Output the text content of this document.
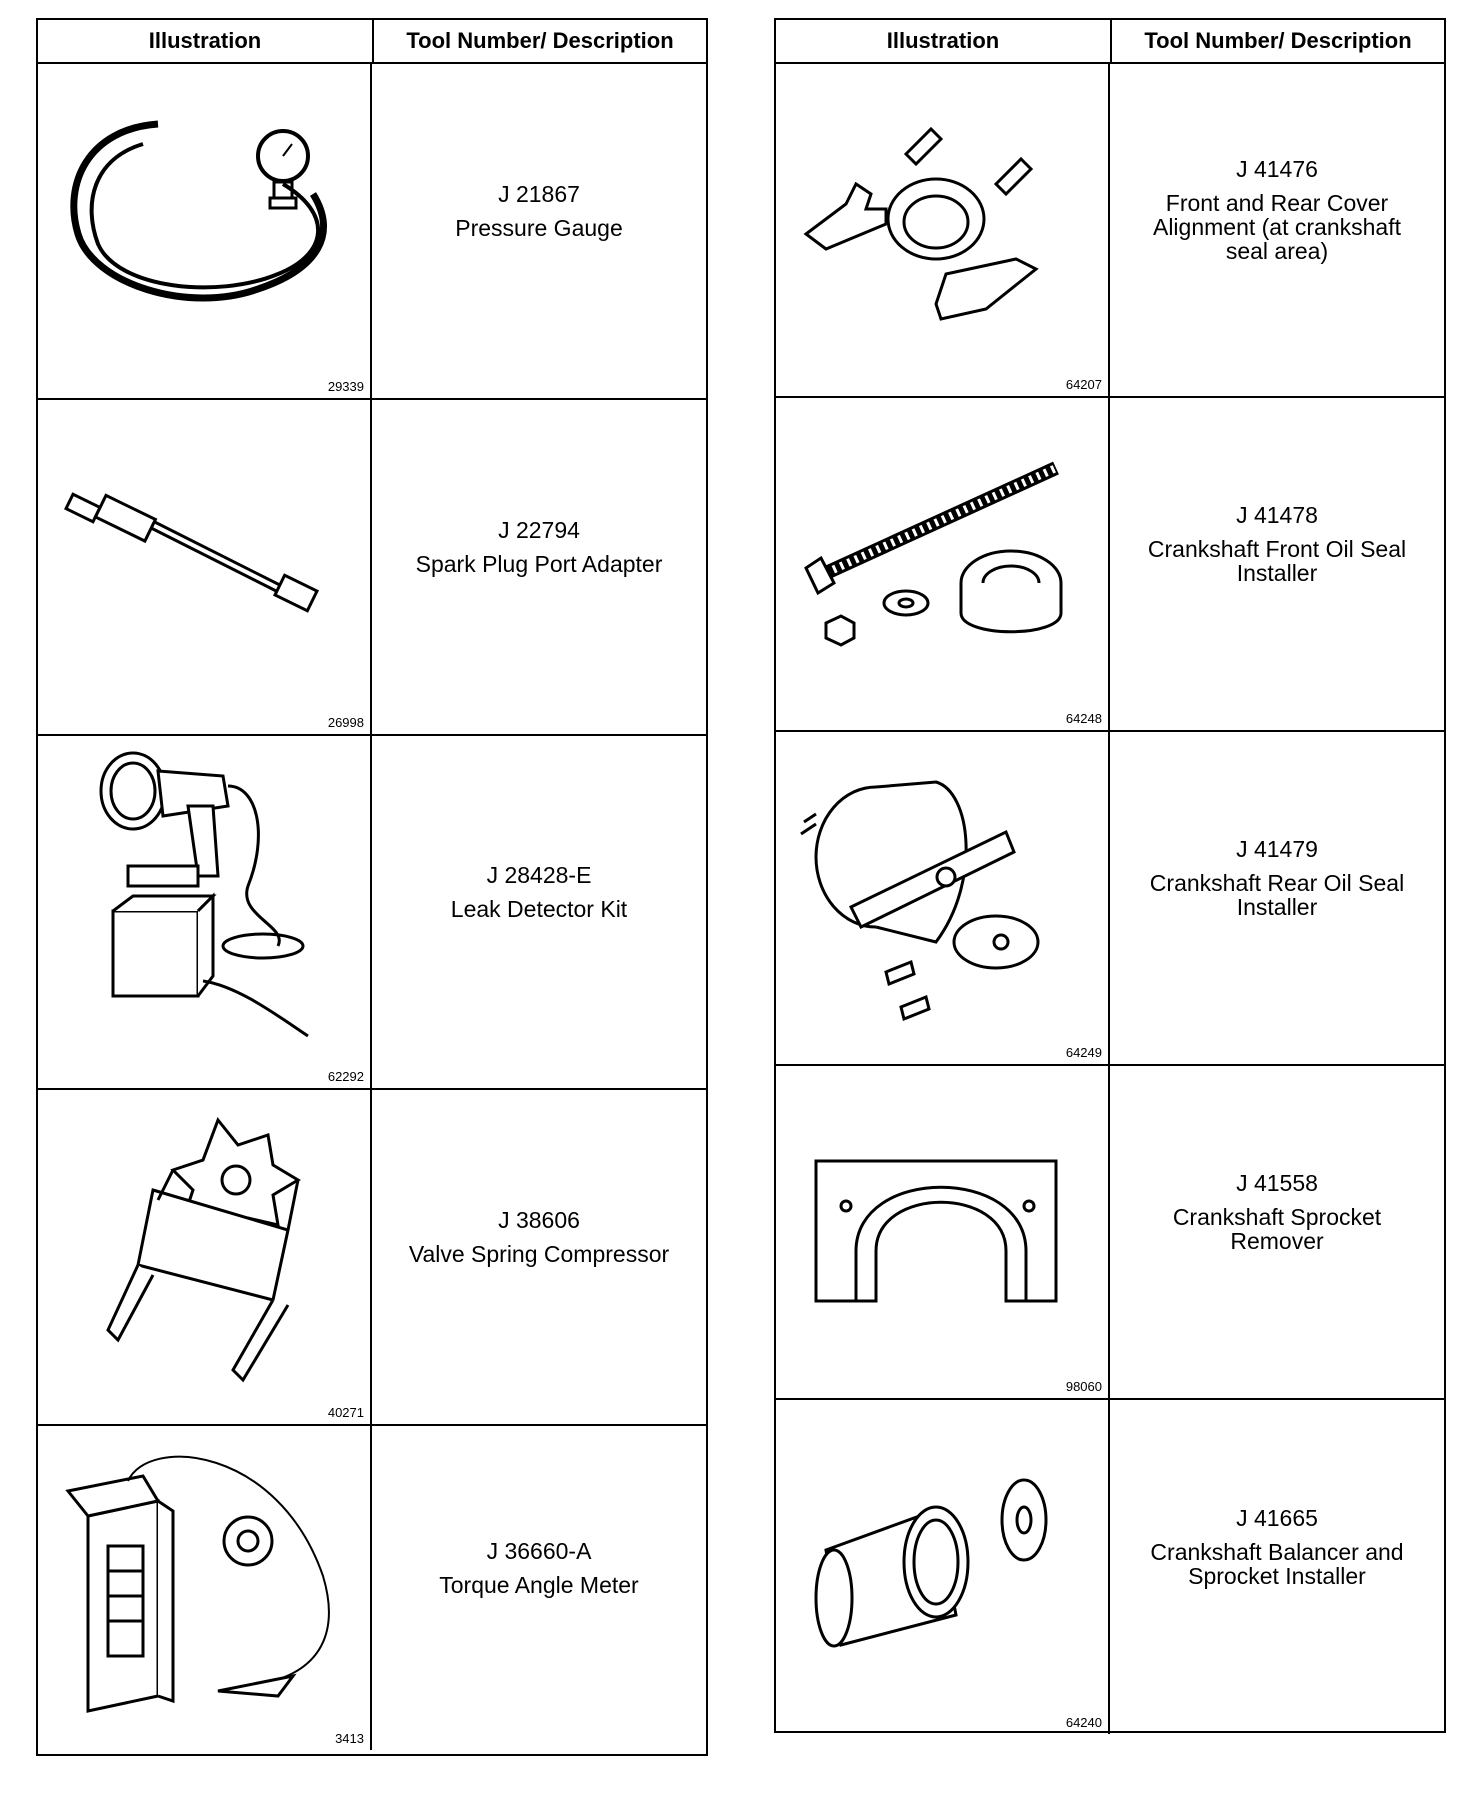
Illustration	Tool Number/ Description
29339
J 21867
Pressure Gauge
26998
J 22794
Spark Plug Port Adapter
62292
J 28428-E
Leak Detector Kit
40271
J 38606
Valve Spring Compressor
3413
J 36660-A
Torque Angle Meter
Illustration	Tool Number/ Description
64207
J 41476
Front and Rear Cover
Alignment (at crankshaft
seal area)
64248
J 41478
Crankshaft Front Oil Seal
Installer
64249
J 41479
Crankshaft Rear Oil Seal
Installer
98060
J 41558
Crankshaft Sprocket
Remover
64240
J 41665
Crankshaft Balancer and
Sprocket Installer
